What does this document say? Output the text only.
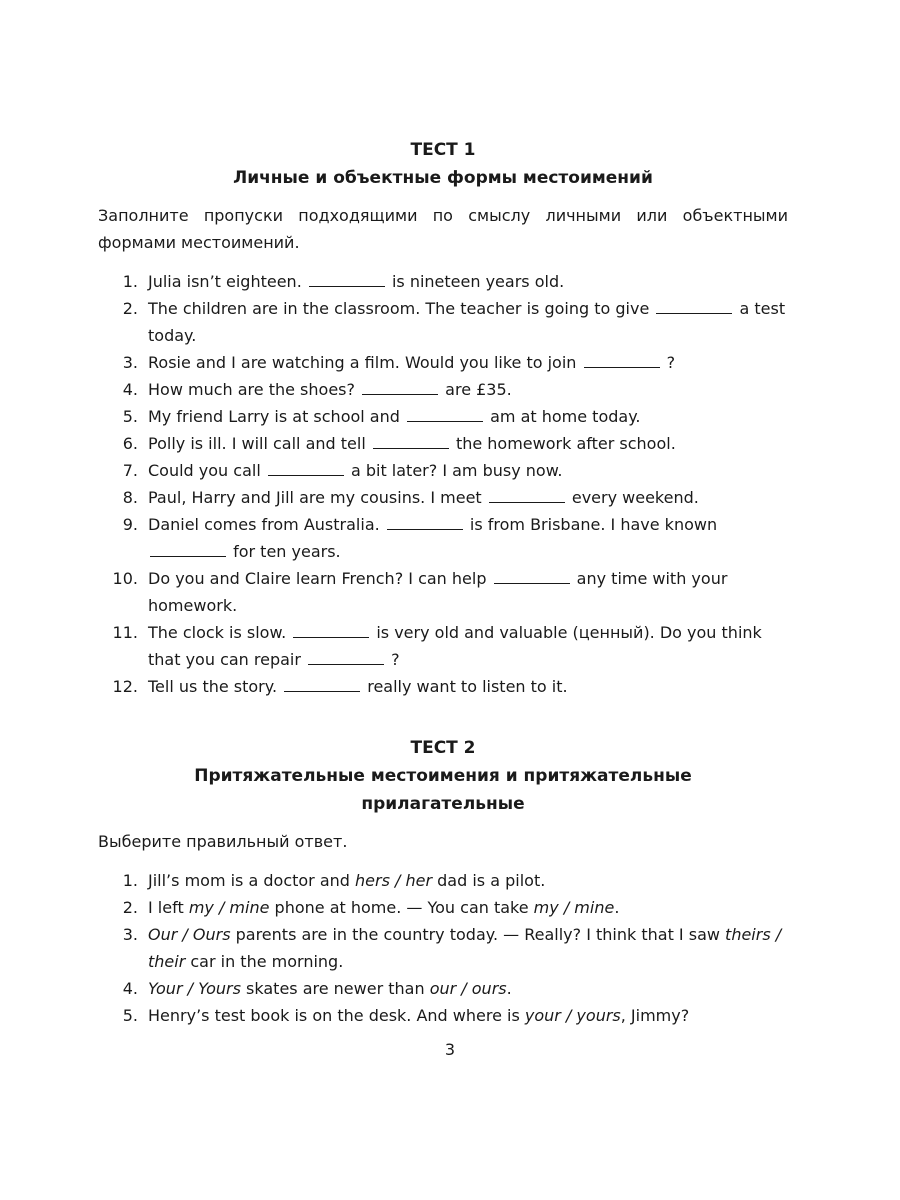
ТЕСТ 1
Личные и объектные формы местоимений
Заполните пропуски подходящими по смыслу личными или объектными формами местоимений.
1. Julia isn’t eighteen.	is nineteen years old.
2. The children are in the classroom. The teacher is going to give	a test today.
3. Rosie and I are watching a film. Would you like to join	?
4. How much are the shoes?	are £35.
5. My friend Larry is at school and	am at home today.
6. Polly is ill. I will call and tell	the homework after school.
7. Could you call	a bit later? I am busy now.
8. Paul, Harry and Jill are my cousins. I meet	every weekend.
9. Daniel comes from Australia.	is from Brisbane. I have known  for ten years.
10. Do you and Claire learn French? I can help	any time with your homework.
11. The clock is slow.	is very old and valuable (ценный). Do you think that you can repair	?
12. Tell us the story.	really want to listen to it.
ТЕСТ 2
Притяжательные местоимения и притяжательные
прилагательные
Выберите правильный ответ.
1. Jill’s mom is a doctor and hers / her dad is a pilot.
2. I left my / mine phone at home. — You can take my / mine.
3. Our / Ours parents are in the country today. — Really? I think that I saw theirs / their car in the morning.
4. Your / Yours skates are newer than our / ours.
5. Henry’s test book is on the desk. And where is your / yours, Jimmy?
3
